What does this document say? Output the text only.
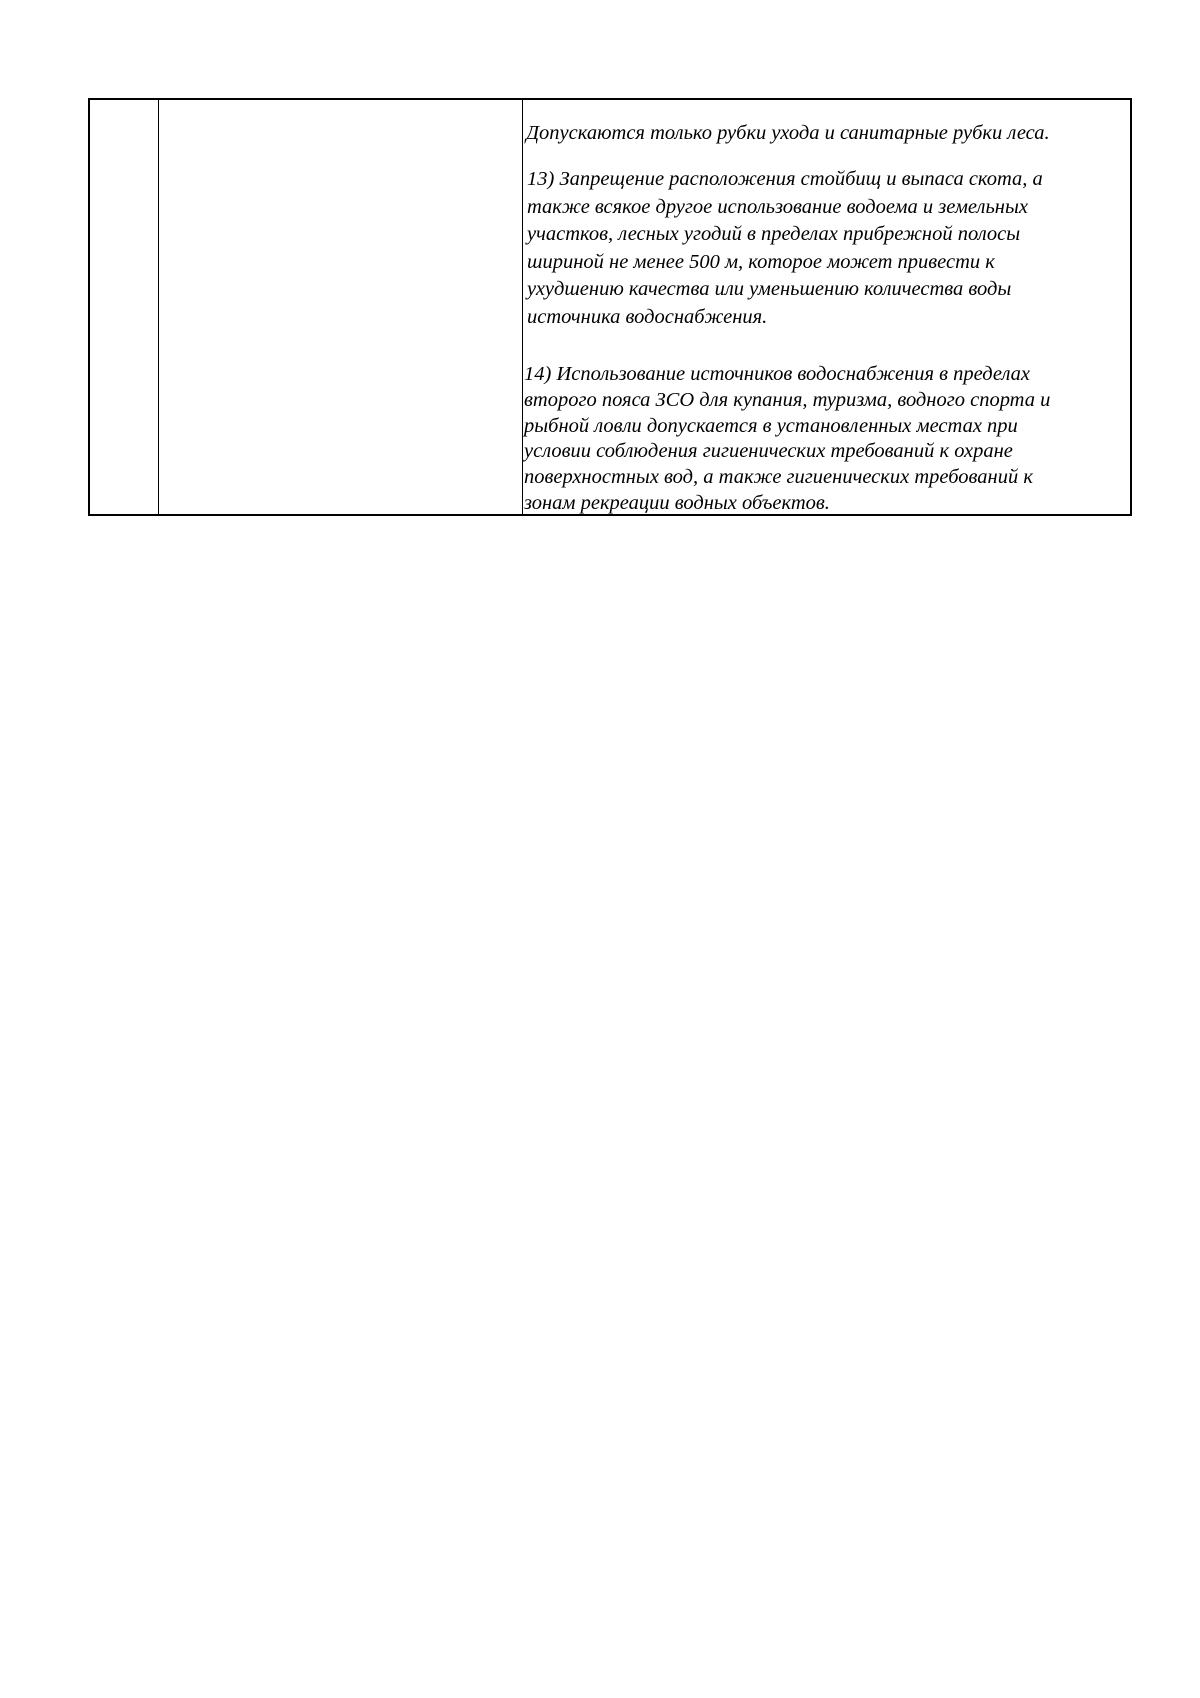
Допускаются только рубки ухода и санитарные рубки леса.
13) Запрещение расположения стойбищ и выпаса скота, а
также всякое другое использование водоема и земельных
участков, лесных угодий в пределах прибрежной полосы
шириной не менее 500 м, которое может привести к
ухудшению качества или уменьшению количества воды
источника водоснабжения.
14) Использование источников водоснабжения в пределах
второго пояса ЗСО для купания, туризма, водного спорта и
рыбной ловли допускается в установленных местах при
условии соблюдения гигиенических требований к охране
поверхностных вод, а также гигиенических требований к
зонам рекреации водных объектов.
